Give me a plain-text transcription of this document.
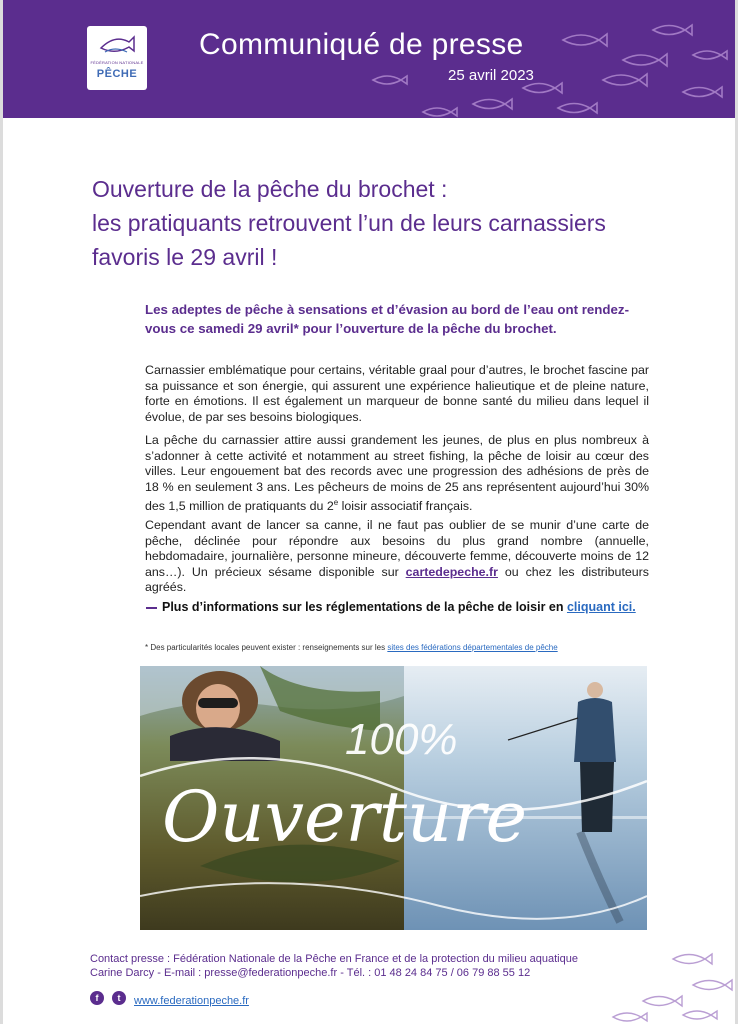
FÉDÉRATION NATIONALE
PÊCHE
Communiqué de presse
25 avril 2023
Ouverture de la pêche du brochet :
les pratiquants retrouvent l’un de leurs carnassiers
favoris le 29 avril !
Les adeptes de pêche à sensations et d’évasion au bord de l’eau ont rendez-vous ce samedi 29 avril* pour l’ouverture de la pêche du brochet.
Carnassier emblématique pour certains, véritable graal pour d’autres, le brochet fascine par sa puissance et son énergie, qui assurent une expérience halieutique et de pleine nature, forte en émotions. Il est également un marqueur de bonne santé du milieu dans lequel il évolue, de par ses besoins biologiques.
La pêche du carnassier attire aussi grandement les jeunes, de plus en plus nombreux à s’adonner à cette activité et notamment au street fishing, la pêche de loisir au cœur des villes. Leur engouement bat des records avec une progression des adhésions de près de 18 % en seulement 3 ans. Les pêcheurs de moins de 25 ans représentent aujourd’hui 30% des 1,5 million de pratiquants du 2e loisir associatif français.
Cependant avant de lancer sa canne, il ne faut pas oublier de se munir d’une carte de pêche, déclinée pour répondre aux besoins du plus grand nombre (annuelle, hebdomadaire, journalière, personne mineure, découverte femme, découverte moins de 12 ans…). Un précieux sésame disponible sur cartedepeche.fr ou chez les distributeurs agréés.
Plus d’informations sur les réglementations de la pêche de loisir en cliquant ici.
* Des particularités locales peuvent exister : renseignements sur les sites des fédérations départementales de pêche
100%
Ouverture
Contact presse : Fédération Nationale de la Pêche en France et de la protection du milieu aquatique
Carine Darcy - E-mail : presse@federationpeche.fr - Tél. : 01 48 24 84 75 / 06 79 88 55 12
f	t	www.federationpeche.fr
